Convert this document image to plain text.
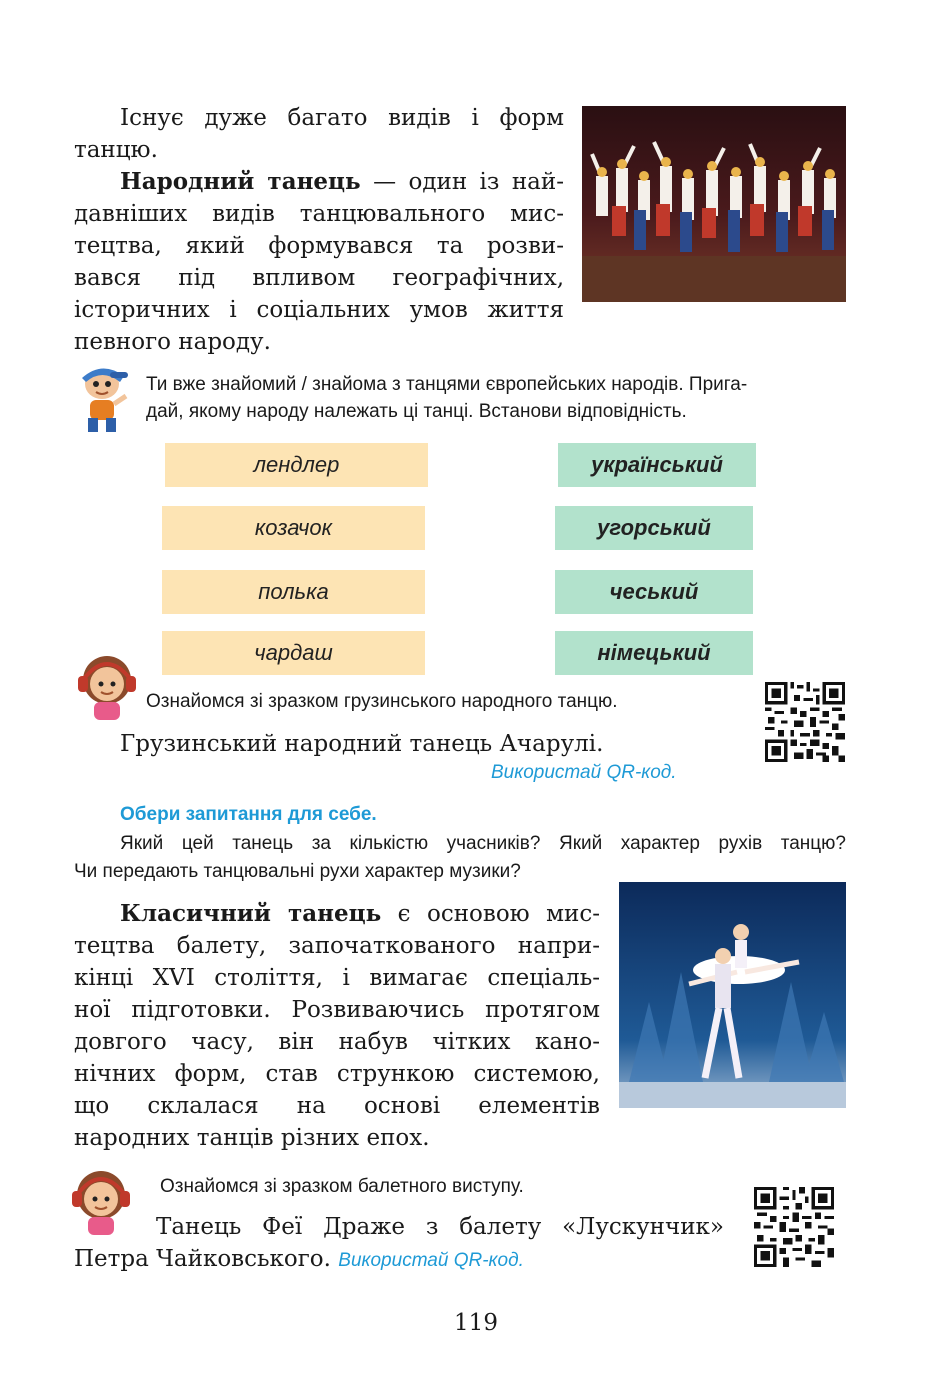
Існує дуже багато видів і форм
танцю.
Народний танець — один із най-
давніших видів танцювального мис-
тецтва, який формувався та розви-
вався під впливом географічних,
історичних і соціальних умов життя
певного народу.
Ти вже знайомий / знайома з танцями європейських народів. Прига-
дай, якому народу належать ці танці. Встанови відповідність.
лендлер
козачок
полька
чардаш
український
угорський
чеський
німецький
Ознайомся зі зразком грузинського народного танцю.
Грузинський народний танець Ачарулі.
Використай QR-код.
Обери запитання для себе.
Який цей танець за кількістю учасників? Який характер рухів танцю?
Чи передають танцювальні рухи характер музики?
Класичний танець є основою мис-
тецтва балету, започаткованого напри-
кінці XVI століття, і вимагає спеціаль-
ної підготовки. Розвиваючись протягом
довгого часу, він набув чітких кано-
нічних форм, став стрункою системою,
що склалася на основі елементів
народних танців різних епох.
Ознайомся зі зразком балетного виступу.
Танець Феї Драже з балету «Лускунчик»
Петра Чайковського. Використай QR-код.
119
